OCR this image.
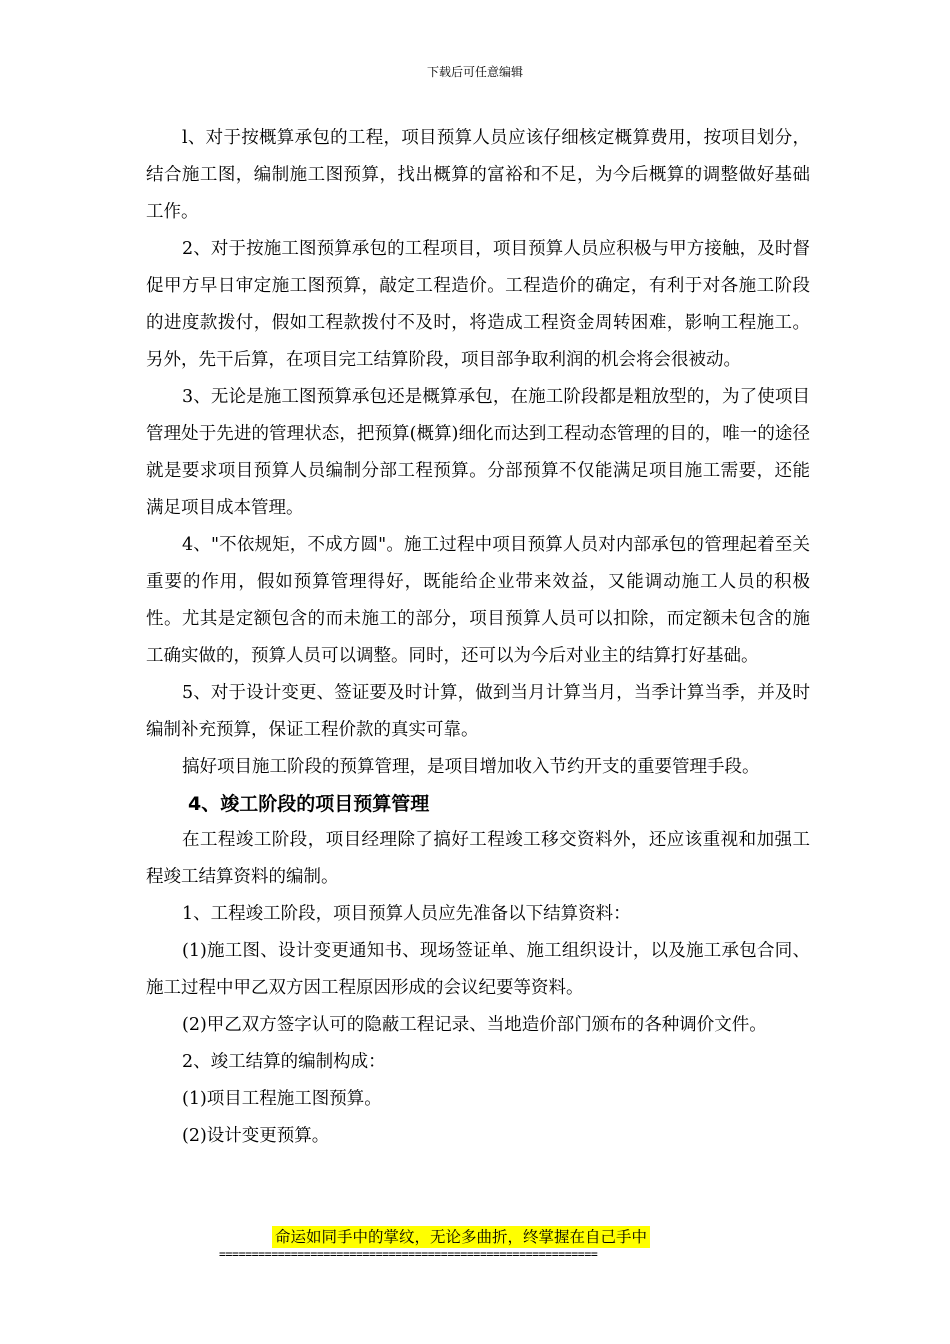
下载后可任意编辑

l、对于按概算承包的工程，项目预算人员应该仔细核定概算费用，按项目划分，结合施工图，编制施工图预算，找出概算的富裕和不足，为今后概算的调整做好基础工作。

2、对于按施工图预算承包的工程项目，项目预算人员应积极与甲方接触，及时督促甲方早日审定施工图预算，敲定工程造价。工程造价的确定，有利于对各施工阶段的进度款拨付，假如工程款拨付不及时，将造成工程资金周转困难，影响工程施工。另外，先干后算，在项目完工结算阶段，项目部争取利润的机会将会很被动。

3、无论是施工图预算承包还是概算承包，在施工阶段都是粗放型的，为了使项目管理处于先进的管理状态，把预算(概算)细化而达到工程动态管理的目的，唯一的途径就是要求项目预算人员编制分部工程预算。分部预算不仅能满足项目施工需要，还能满足项目成本管理。

4、"不依规矩，不成方圆"。施工过程中项目预算人员对内部承包的管理起着至关重要的作用，假如预算管理得好，既能给企业带来效益，又能调动施工人员的积极性。尤其是定额包含的而未施工的部分，项目预算人员可以扣除，而定额未包含的施工确实做的，预算人员可以调整。同时，还可以为今后对业主的结算打好基础。

5、对于设计变更、签证要及时计算，做到当月计算当月，当季计算当季，并及时编制补充预算，保证工程价款的真实可靠。

搞好项目施工阶段的预算管理，是项目增加收入节约开支的重要管理手段。

4、竣工阶段的项目预算管理

在工程竣工阶段，项目经理除了搞好工程竣工移交资料外，还应该重视和加强工程竣工结算资料的编制。

1、工程竣工阶段，项目预算人员应先准备以下结算资料：

(1)施工图、设计变更通知书、现场签证单、施工组织设计，以及施工承包合同、施工过程中甲乙双方因工程原因形成的会议纪要等资料。

(2)甲乙双方签字认可的隐蔽工程记录、当地造价部门颁布的各种调价文件。

2、竣工结算的编制构成：

(1)项目工程施工图预算。

(2)设计变更预算。

命运如同手中的掌纹，无论多曲折，终掌握在自己手中
==========================================================
